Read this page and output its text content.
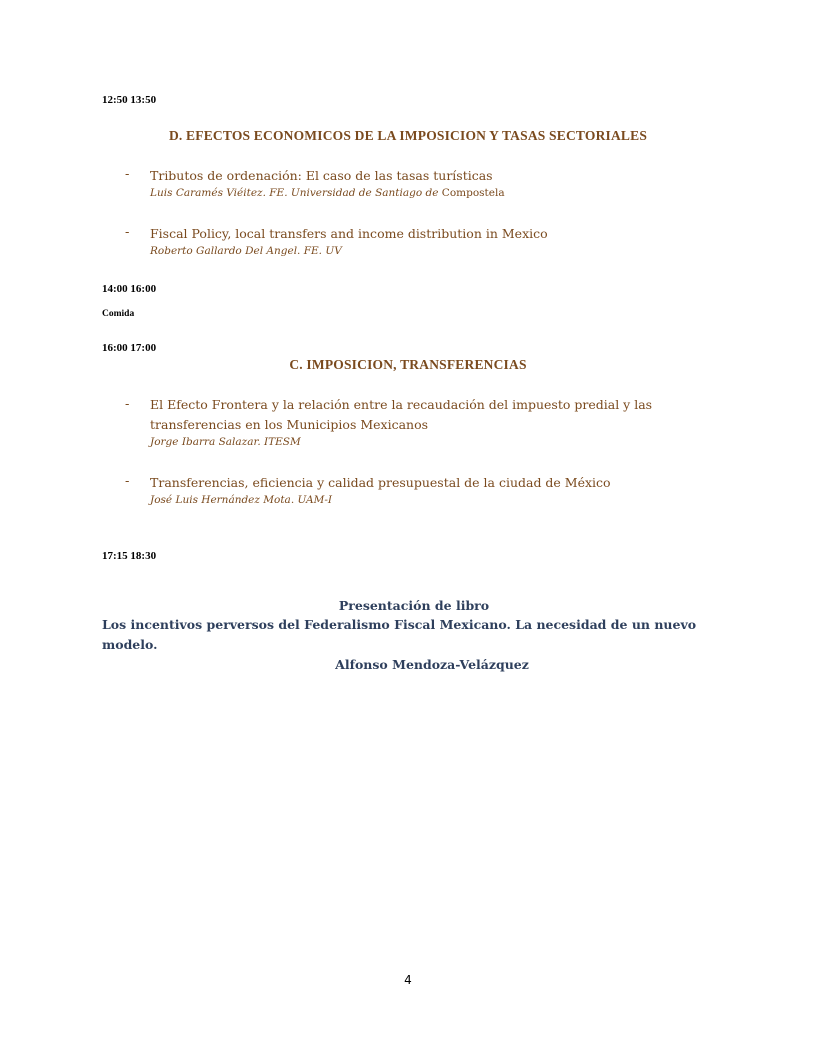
12:50 13:50
D. EFECTOS ECONOMICOS DE LA IMPOSICION Y TASAS SECTORIALES
- Tributos de ordenación: El caso de las tasas turísticas
Luis Caramés Viéitez. FE. Universidad de Santiago de Compostela
- Fiscal Policy, local transfers and income distribution in Mexico
Roberto Gallardo Del Angel. FE. UV
14:00 16:00
Comida
16:00 17:00
C. IMPOSICION, TRANSFERENCIAS
- El Efecto Frontera y la relación entre la recaudación del impuesto predial y las
transferencias en los Municipios Mexicanos
Jorge Ibarra Salazar. ITESM
- Transferencias, eficiencia y calidad presupuestal de la ciudad de México
José Luis Hernández Mota. UAM-I
17:15 18:30
Presentación de libro
Los incentivos perversos del Federalismo Fiscal Mexicano. La necesidad de un nuevo
modelo.
Alfonso Mendoza-Velázquez
4
